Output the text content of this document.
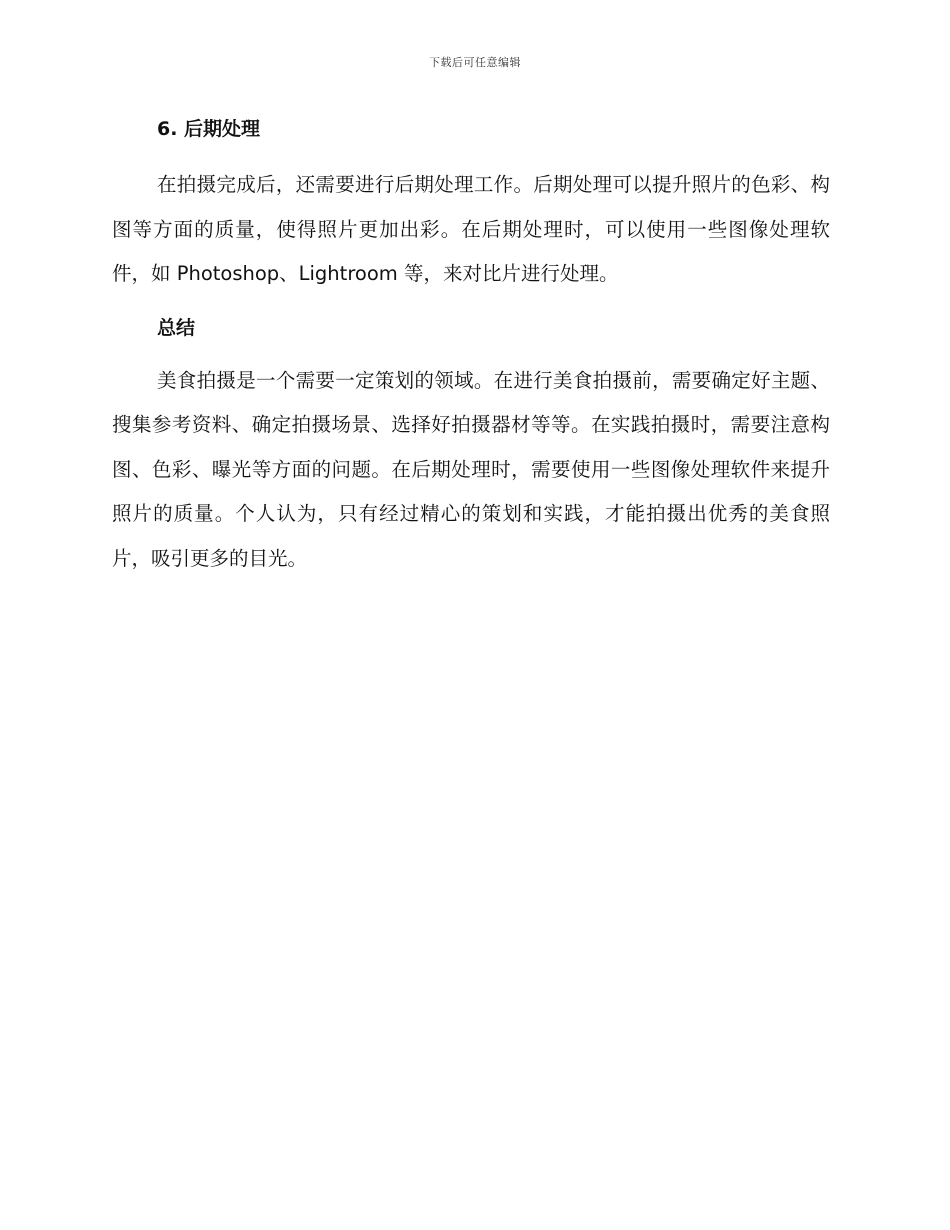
下载后可任意编辑
6. 后期处理

在拍摄完成后，还需要进行后期处理工作。后期处理可以提升照片的色彩、构图等方面的质量，使得照片更加出彩。在后期处理时，可以使用一些图像处理软件，如 Photoshop、Lightroom 等，来对比片进行处理。

总结

美食拍摄是一个需要一定策划的领域。在进行美食拍摄前，需要确定好主题、搜集参考资料、确定拍摄场景、选择好拍摄器材等等。在实践拍摄时，需要注意构图、色彩、曝光等方面的问题。在后期处理时，需要使用一些图像处理软件来提升照片的质量。个人认为，只有经过精心的策划和实践，才能拍摄出优秀的美食照片，吸引更多的目光。
